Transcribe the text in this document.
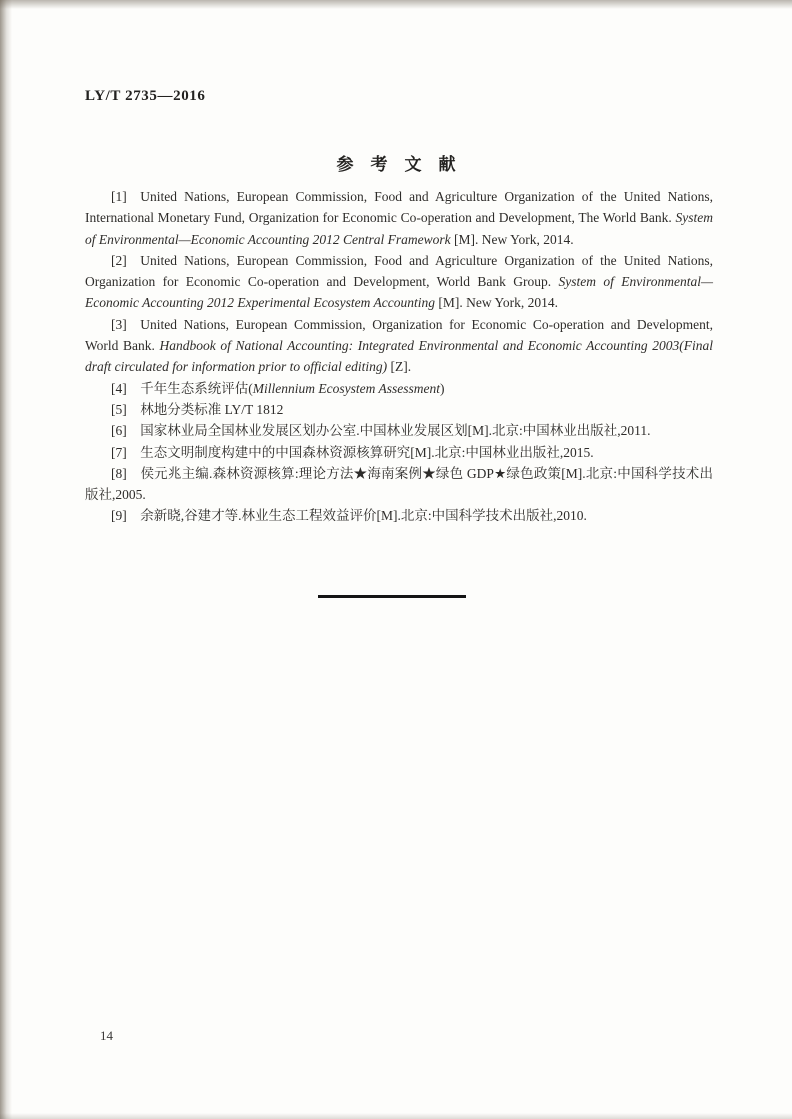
LY/T 2735—2016
参　考　文　献

[1] United Nations, European Commission, Food and Agriculture Organization of the United Nations, International Monetary Fund, Organization for Economic Co-operation and Development, The World Bank. System of Environmental—Economic Accounting 2012 Central Framework [M]. New York, 2014.

[2] United Nations, European Commission, Food and Agriculture Organization of the United Nations, Organization for Economic Co-operation and Development, World Bank Group. System of Environmental—Economic Accounting 2012 Experimental Ecosystem Accounting [M]. New York, 2014.

[3] United Nations, European Commission, Organization for Economic Co-operation and Development, World Bank. Handbook of National Accounting: Integrated Environmental and Economic Accounting 2003(Final draft circulated for information prior to official editing) [Z].

[4] 千年生态系统评估(Millennium Ecosystem Assessment)

[5] 林地分类标准 LY/T 1812

[6] 国家林业局全国林业发展区划办公室.中国林业发展区划[M].北京:中国林业出版社,2011.

[7] 生态文明制度构建中的中国森林资源核算研究[M].北京:中国林业出版社,2015.

[8] 侯元兆主编.森林资源核算:理论方法★海南案例★绿色 GDP★绿色政策[M].北京:中国科学技术出版社,2005.

[9] 余新晓,谷建才等.林业生态工程效益评价[M].北京:中国科学技术出版社,2010.

14
